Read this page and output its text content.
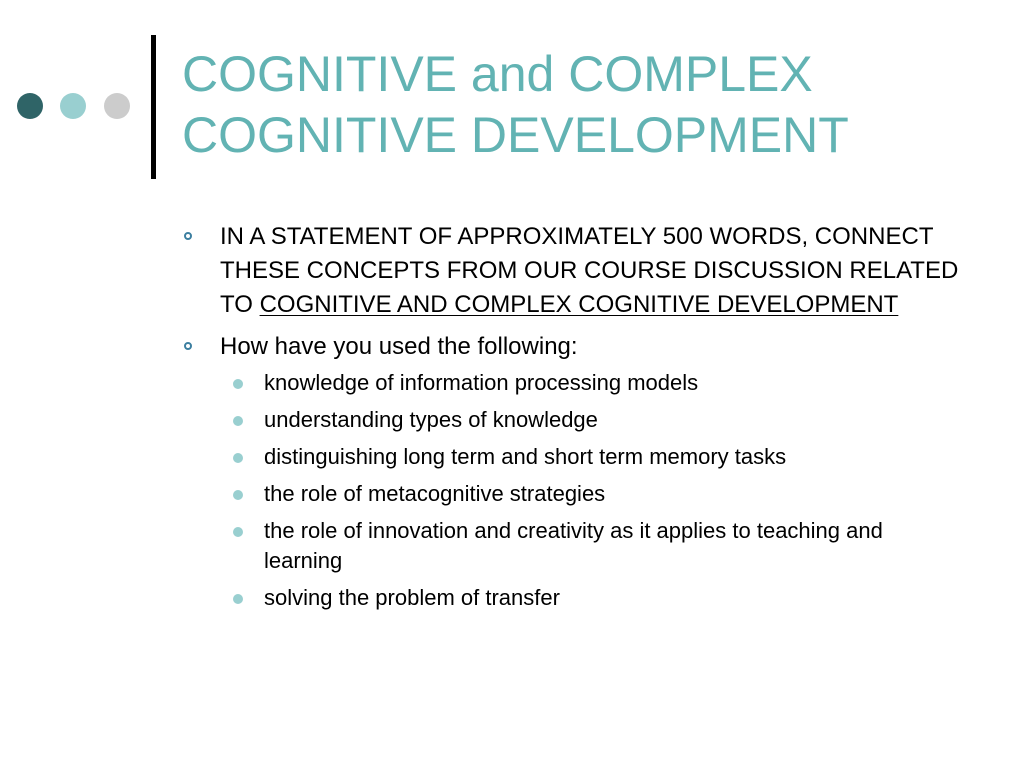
COGNITIVE and COMPLEX
COGNITIVE DEVELOPMENT
IN A STATEMENT OF APPROXIMATELY 500 WORDS, CONNECT THESE CONCEPTS FROM OUR COURSE DISCUSSION RELATED TO COGNITIVE AND COMPLEX COGNITIVE DEVELOPMENT
How have you used the following:
knowledge of information processing models
understanding types of knowledge
distinguishing long term and short term memory tasks
the role of metacognitive strategies
the role of innovation and creativity as it applies to teaching and learning
solving the problem of transfer
